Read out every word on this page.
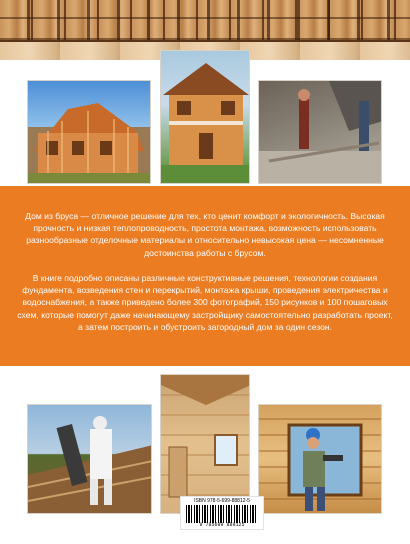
Дом из бруса — отличное решение для тех, кто ценит комфорт и экологичность. Высокая прочность и низкая теплопроводность, простота монтажа, возможность использовать разнообразные отделочные материалы и относительно невысокая цена — несомненные достоинства работы с брусом.

В книге подробно описаны различные конструктивные решения, технологии создания фундамента, возведения стен и перекрытий, монтажа крыши, проведения электричества и водоснабжения, а также приведено более 300 фотографий, 150 рисунков и 100 пошаговых схем, которые помогут даже начинающему застройщику самостоятельно разработать проект, а затем построить и обустроить загородный дом за один сезон.

ISBN 978-5-699-88812-5
9 785699 889125
